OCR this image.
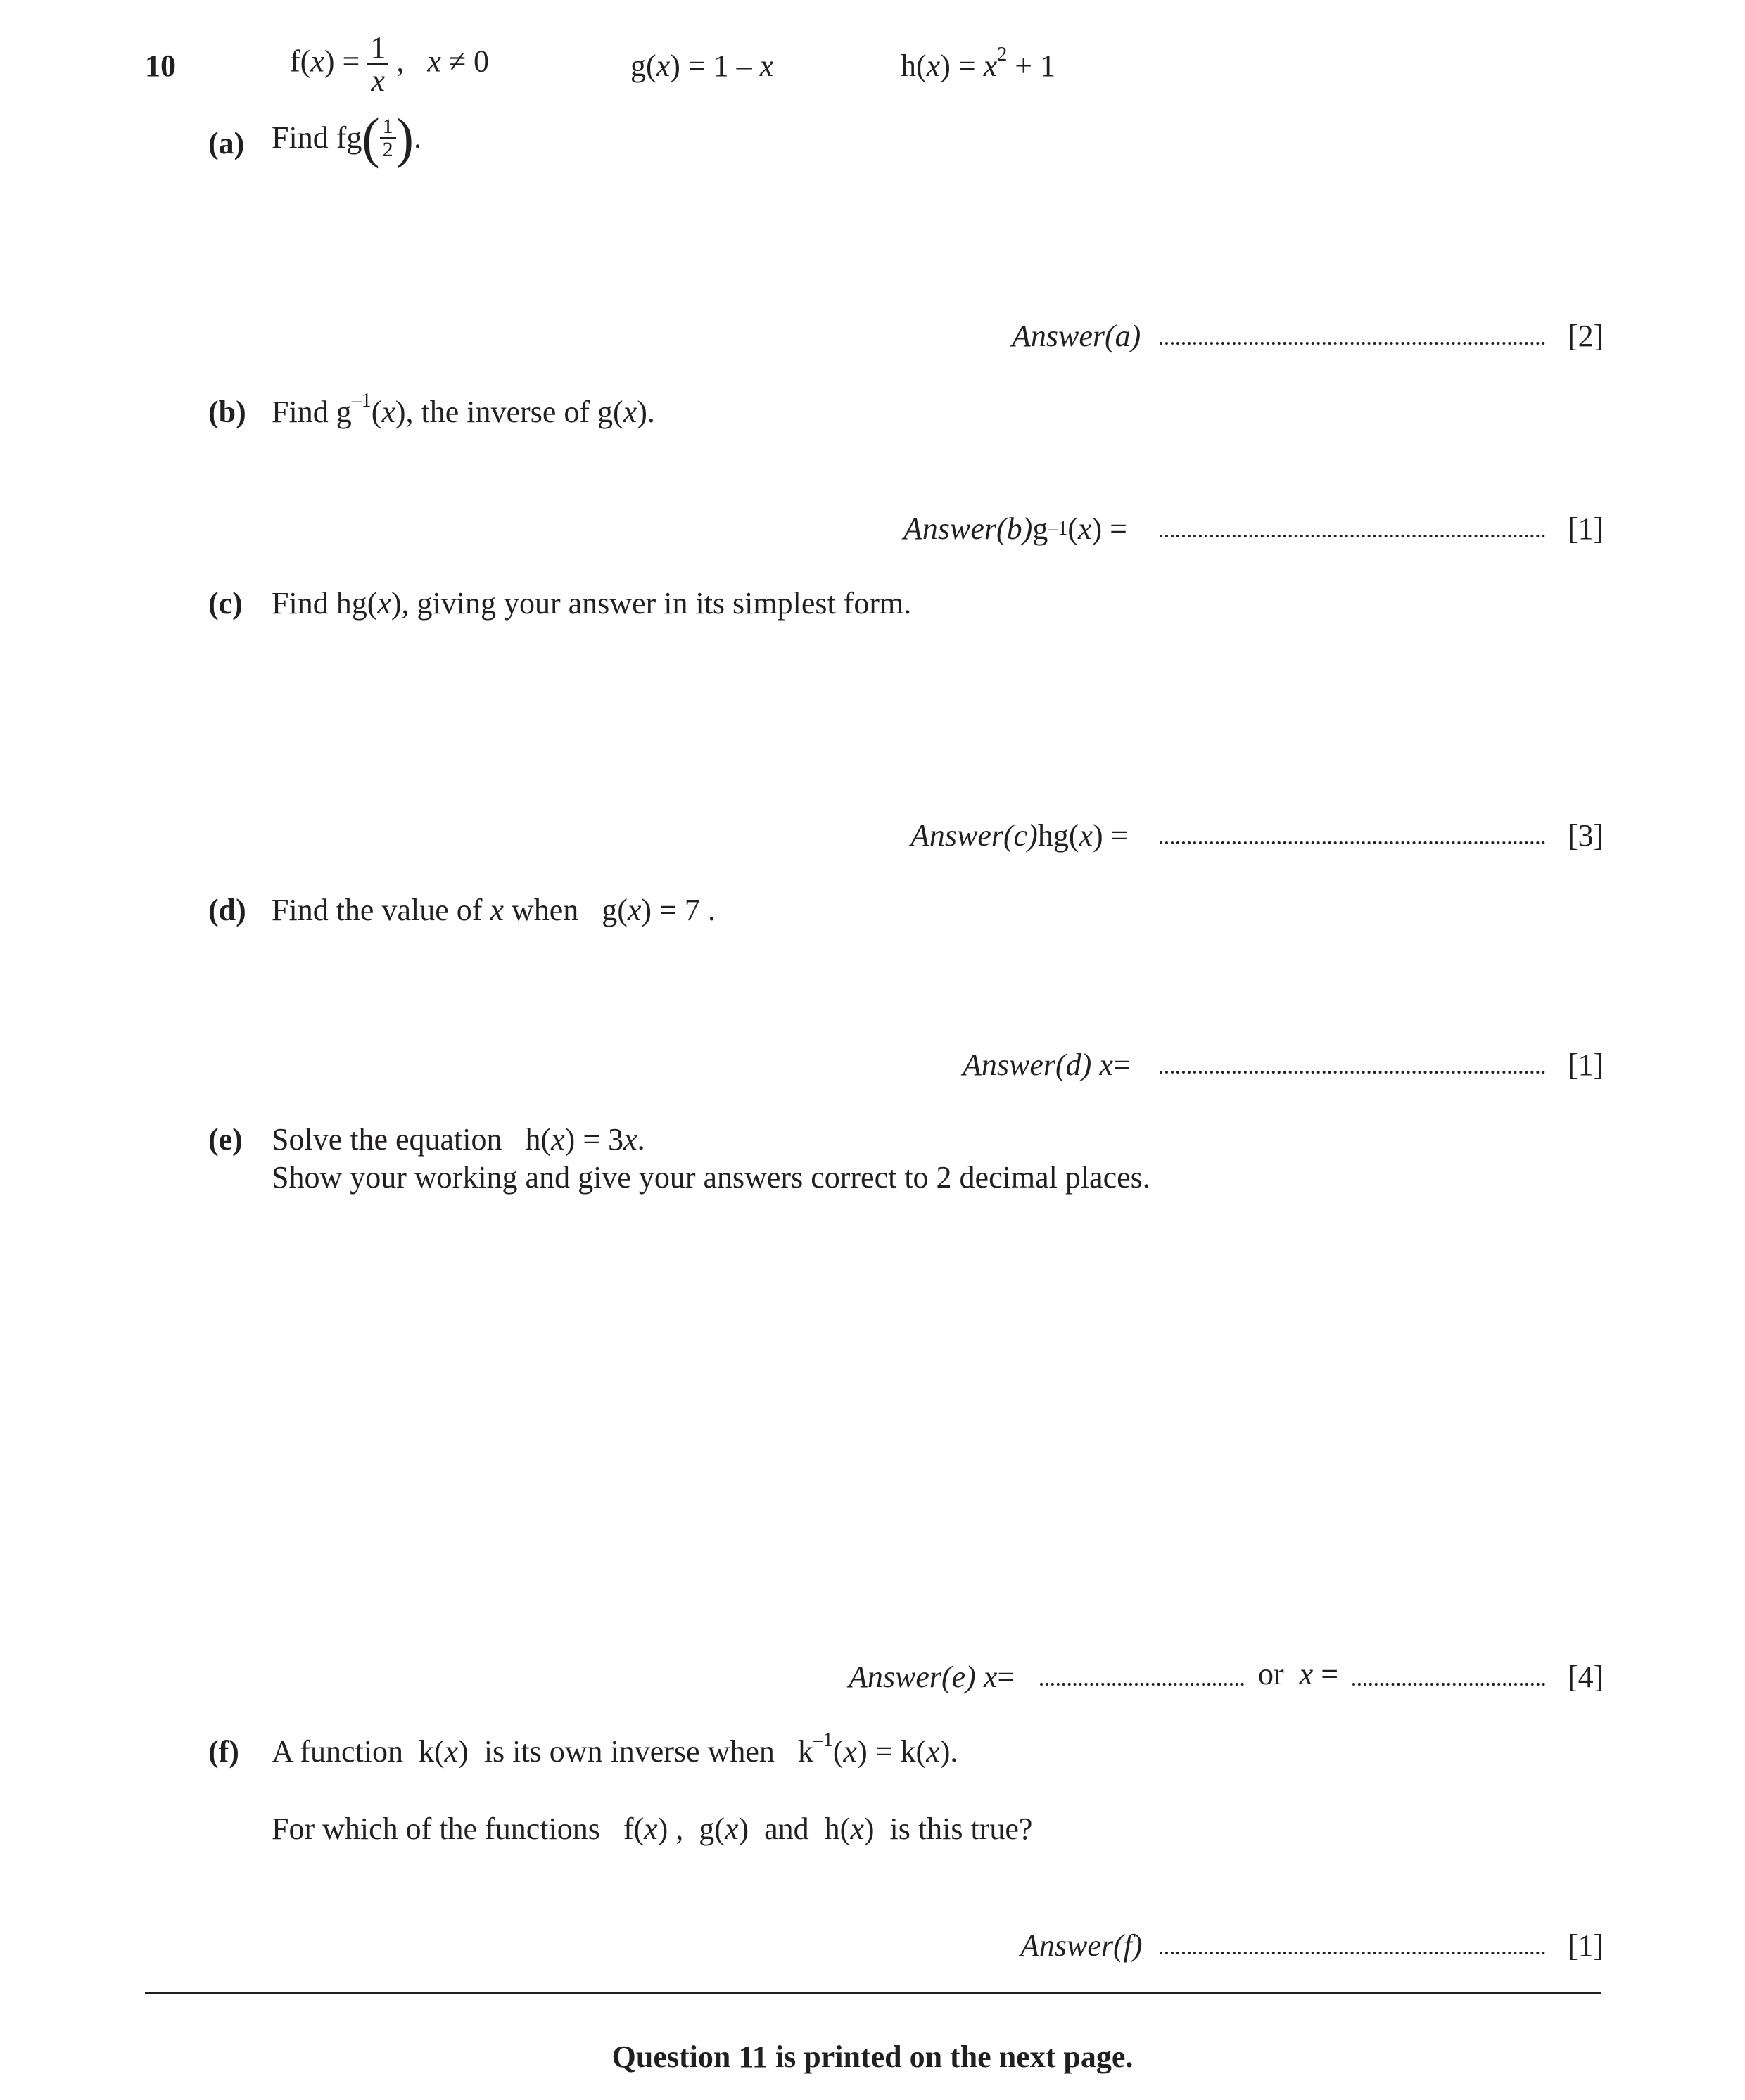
10	$f(x) = \frac{1}{x}$ , x ≠ 0	g(x) = 1 – x	$h(x) = x^2 + 1$
(a) Find $fg( \frac{1}{2}$ ).
Answer(a)	[2]
(b) Find $g^{-1}(x)$, the inverse of g(x).
Answer(b) $g^{-1}$ ( x ) =	[1]
(c) Find hg(x), giving your answer in its simplest form.
Answer(c) hg( x ) =	[3]
(d) Find the value of x when   g(x) = 7 .
Answer(d)
x =	[1]
(e) Solve the equation   h(x) = 3x.
Show your working and give your answers correct to 2 decimal places.
Answer(e)
x =	or x =	[4]
(f) A function  k(x)  is its own inverse when   $k^{-1}(x) = k(x)$.
For which of the functions   f(x) ,  g(x)  and  h(x)  is this true?
Answer(f)	[1]
Question 11 is printed on the next page.
